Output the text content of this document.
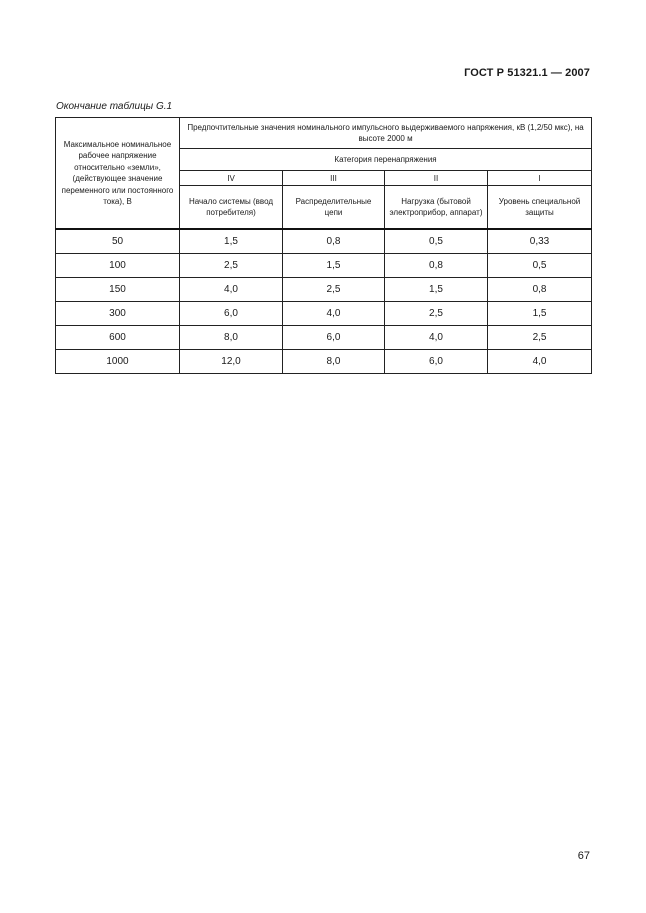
ГОСТ Р 51321.1 — 2007
Окончание таблицы G.1
Максимальное номинальное рабочее напряжение относительно «земли», (действующее значение переменного или постоянного тока), В	Предпочтительные значения номинального импульсного выдерживаемого напряжения, кВ (1,2/50 мкс), на высоте 2000 м			
	Категория перенапряжения			
	IV	III	II	I
	Начало системы (ввод потребителя)	Распределительные цепи	Нагрузка (бытовой электроприбор, аппарат)	Уровень специальной защиты
50	1,5	0,8	0,5	0,33
100	2,5	1,5	0,8	0,5
150	4,0	2,5	1,5	0,8
300	6,0	4,0	2,5	1,5
600	8,0	6,0	4,0	2,5
1000	12,0	8,0	6,0	4,0
67
